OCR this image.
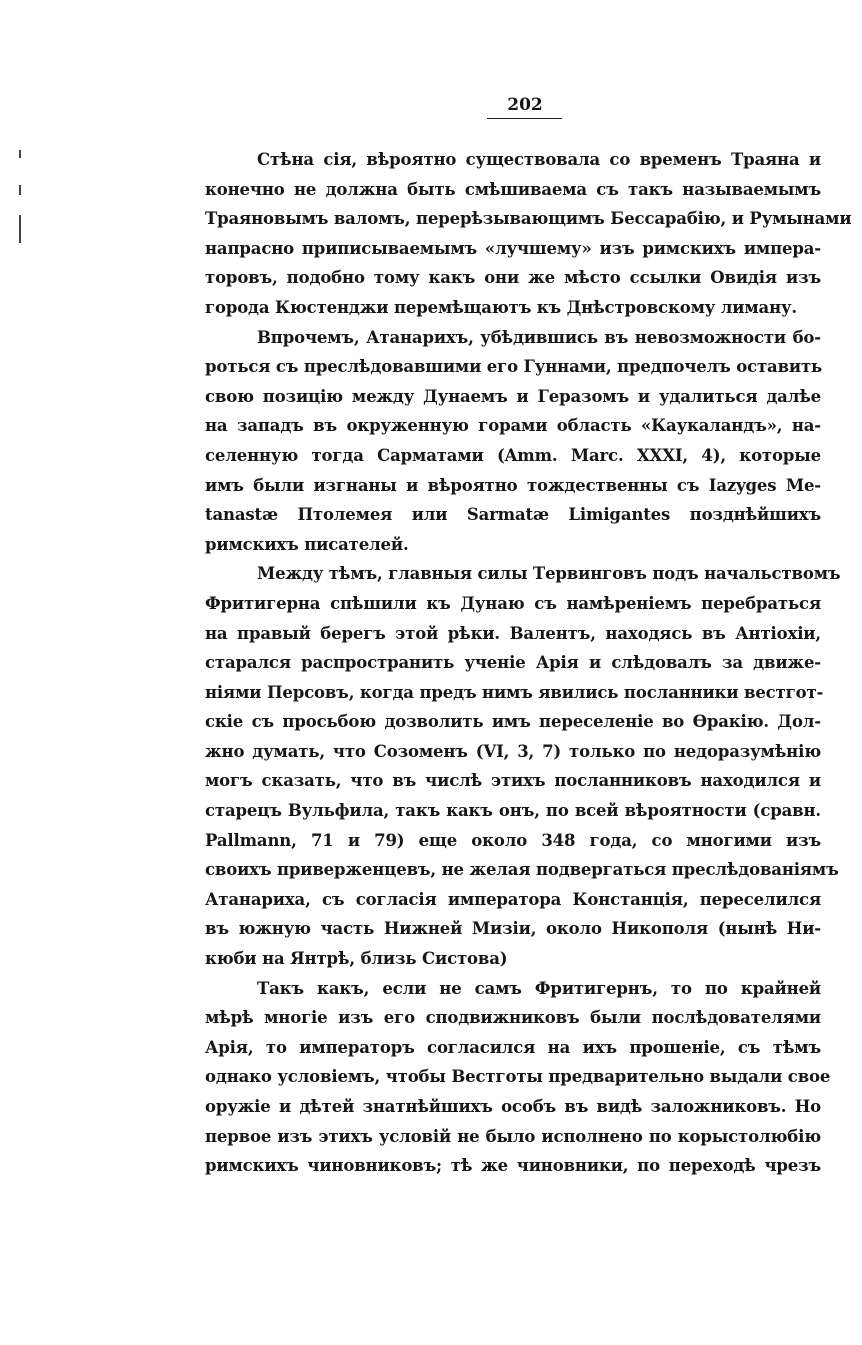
202
Стѣна сія, вѣроятно существовала со временъ Траяна и
конечно не должна быть смѣшиваема съ такъ называемымъ
Траяновымъ валомъ, перерѣзывающимъ Бессарабію, и Румынами
напрасно приписываемымъ «лучшему» изъ римскихъ импера-
торовъ, подобно тому какъ они же мѣсто ссылки Овидія изъ
города Кюстенджи перемѣщаютъ къ Днѣстровскому лиману.
Впрочемъ, Атанарихъ, убѣдившись въ невозможности бо-
роться съ преслѣдовавшими его Гуннами, предпочелъ оставить
свою позицію между Дунаемъ и Геразомъ и удалиться далѣе
на западъ въ окруженную горами область «Каукаландъ», на-
селенную тогда Сарматами (Amm. Marc. XXXI, 4), которые
имъ были изгнаны и вѣроятно тождественны съ Iazyges Me-
tanastæ Птолемея или Sarmatæ Limigantes позднѣйшихъ
римскихъ писателей.
Между тѣмъ, главныя силы Тервинговъ подъ начальствомъ
Фритигерна спѣшили къ Дунаю съ намѣреніемъ перебраться
на правый берегъ этой рѣки. Валентъ, находясь въ Антіохіи,
старался распространить ученіе Арія и слѣдовалъ за движе-
ніями Персовъ, когда предъ нимъ явились посланники вестгот-
скіе съ просьбою дозволить имъ переселеніе во Ѳракію. Дол-
жно думать, что Созоменъ (VI, 3, 7) только по недоразумѣнію
могъ сказать, что въ числѣ этихъ посланниковъ находился и
старецъ Вульфила, такъ какъ онъ, по всей вѣроятности (сравн.
Pallmann, 71 и 79) еще около 348 года, со многими изъ
своихъ приверженцевъ, не желая подвергаться преслѣдованіямъ
Атанариха, съ согласія императора Констанція, переселился
въ южную часть Нижней Мизіи, около Никополя (нынѣ Ни-
кюби на Янтрѣ, близь Систова)
Такъ какъ, если не самъ Фритигернъ, то по крайней
мѣрѣ многіе изъ его сподвижниковъ были послѣдователями
Арія, то императоръ согласился на ихъ прошеніе, съ тѣмъ
однако условіемъ, чтобы Вестготы предварительно выдали свое
оружіе и дѣтей знатнѣйшихъ особъ въ видѣ заложниковъ. Но
первое изъ этихъ условій не было исполнено по корыстолюбію
римскихъ чиновниковъ; тѣ же чиновники, по переходѣ чрезъ
